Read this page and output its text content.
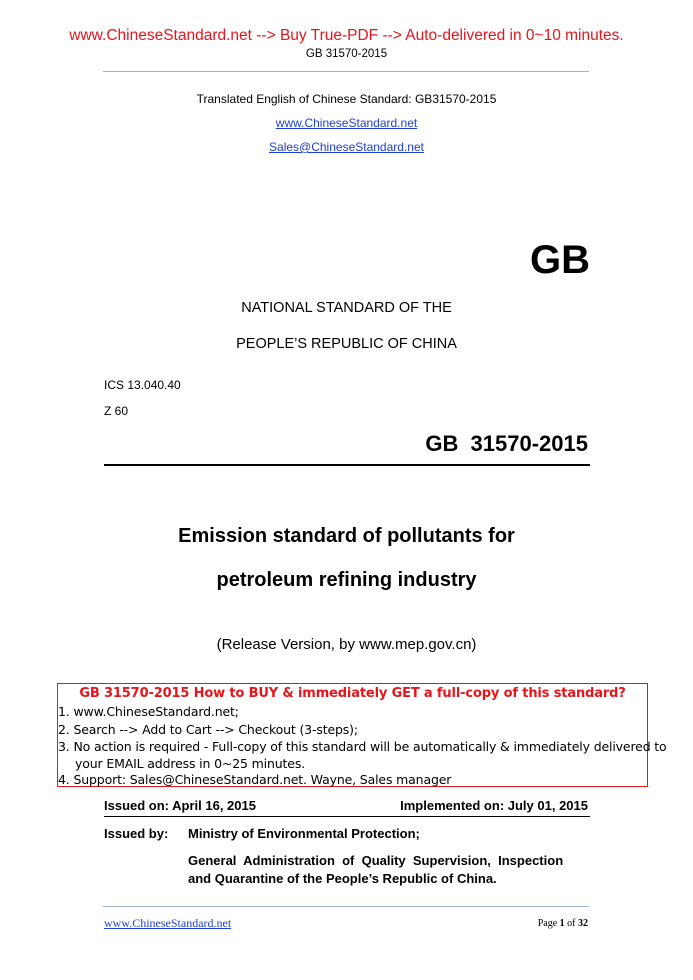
www.ChineseStandard.net --> Buy True-PDF --> Auto-delivered in 0~10 minutes.
GB 31570-2015
Translated English of Chinese Standard: GB31570-2015
www.ChineseStandard.net
Sales@ChineseStandard.net
GB
NATIONAL STANDARD OF THE
PEOPLE’S REPUBLIC OF CHINA
ICS 13.040.40
Z 60
GB  31570-2015
Emission standard of pollutants for
petroleum refining industry
(Release Version, by www.mep.gov.cn)
GB 31570-2015 How to BUY & immediately GET a full-copy of this standard?
1. www.ChineseStandard.net;
2. Search --> Add to Cart --> Checkout (3-steps);
3. No action is required - Full-copy of this standard will be automatically & immediately delivered to
your EMAIL address in 0~25 minutes.
4. Support: Sales@ChineseStandard.net. Wayne, Sales manager
Issued on: April 16, 2015	Implemented on: July 01, 2015
Issued by: Ministry of Environmental Protection;
General  Administration  of  Quality  Supervision,  Inspection
and Quarantine of the People’s Republic of China.
www.ChineseStandard.net	Page 1 of 32
